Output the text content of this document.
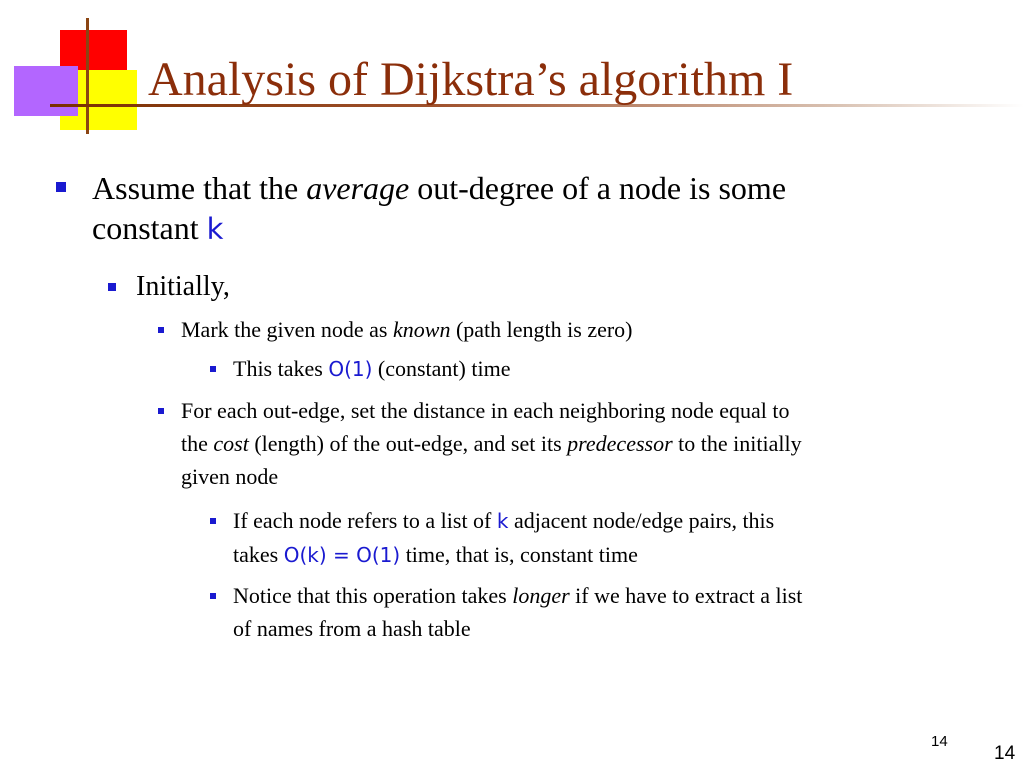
Analysis of Dijkstra’s algorithm I

Assume that the average out-degree of a node is some
constant k

Initially,

Mark the given node as known (path length is zero)

This takes O(1) (constant) time

For each out-edge, set the distance in each neighboring node equal to
the cost (length) of the out-edge, and set its predecessor to the initially
given node

If each node refers to a list of k adjacent node/edge pairs, this
takes O(k) = O(1) time, that is, constant time

Notice that this operation takes longer if we have to extract a list
of names from a hash table

14
14
